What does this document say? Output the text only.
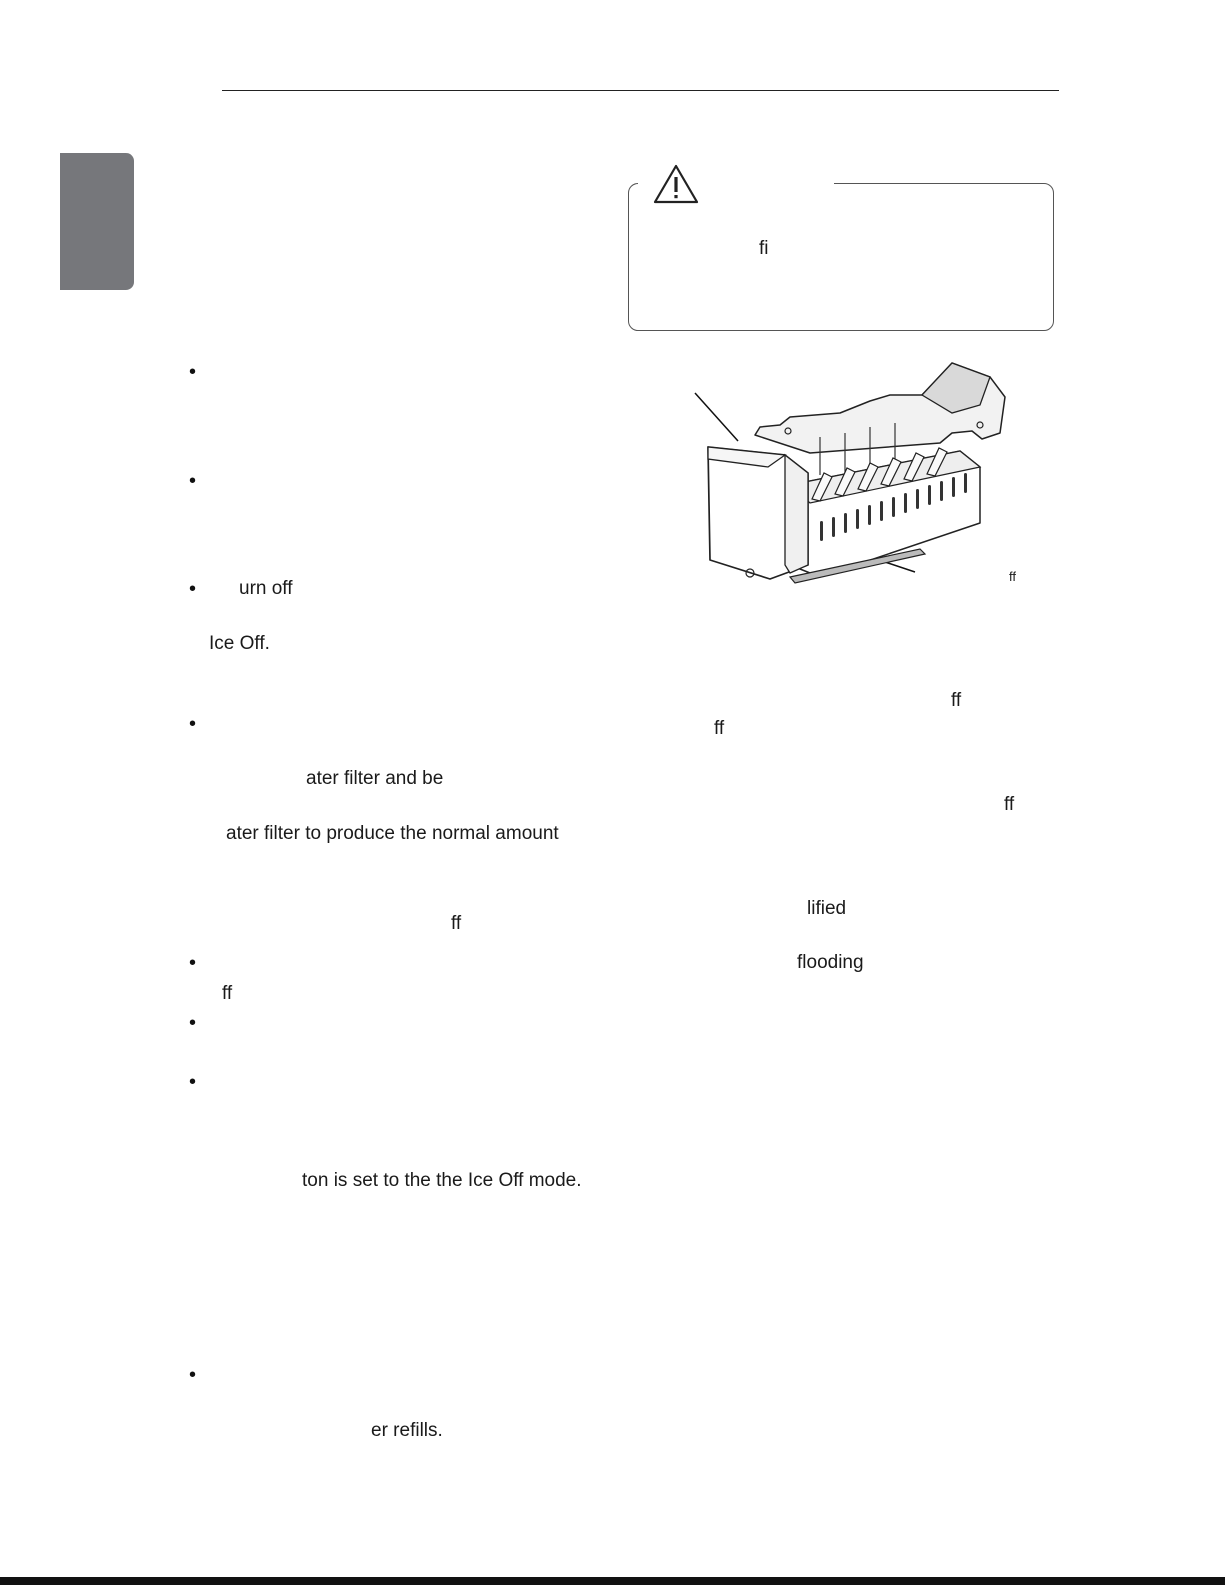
•
•
•
•
•
•
•
•
urn off
Ice Off.
ater filter and be
ater filter to produce the normal amount
ff
ff
ton is set to the the Ice Off mode.
er refills.
fi
ff
ff
ff
ff
lified
flooding
